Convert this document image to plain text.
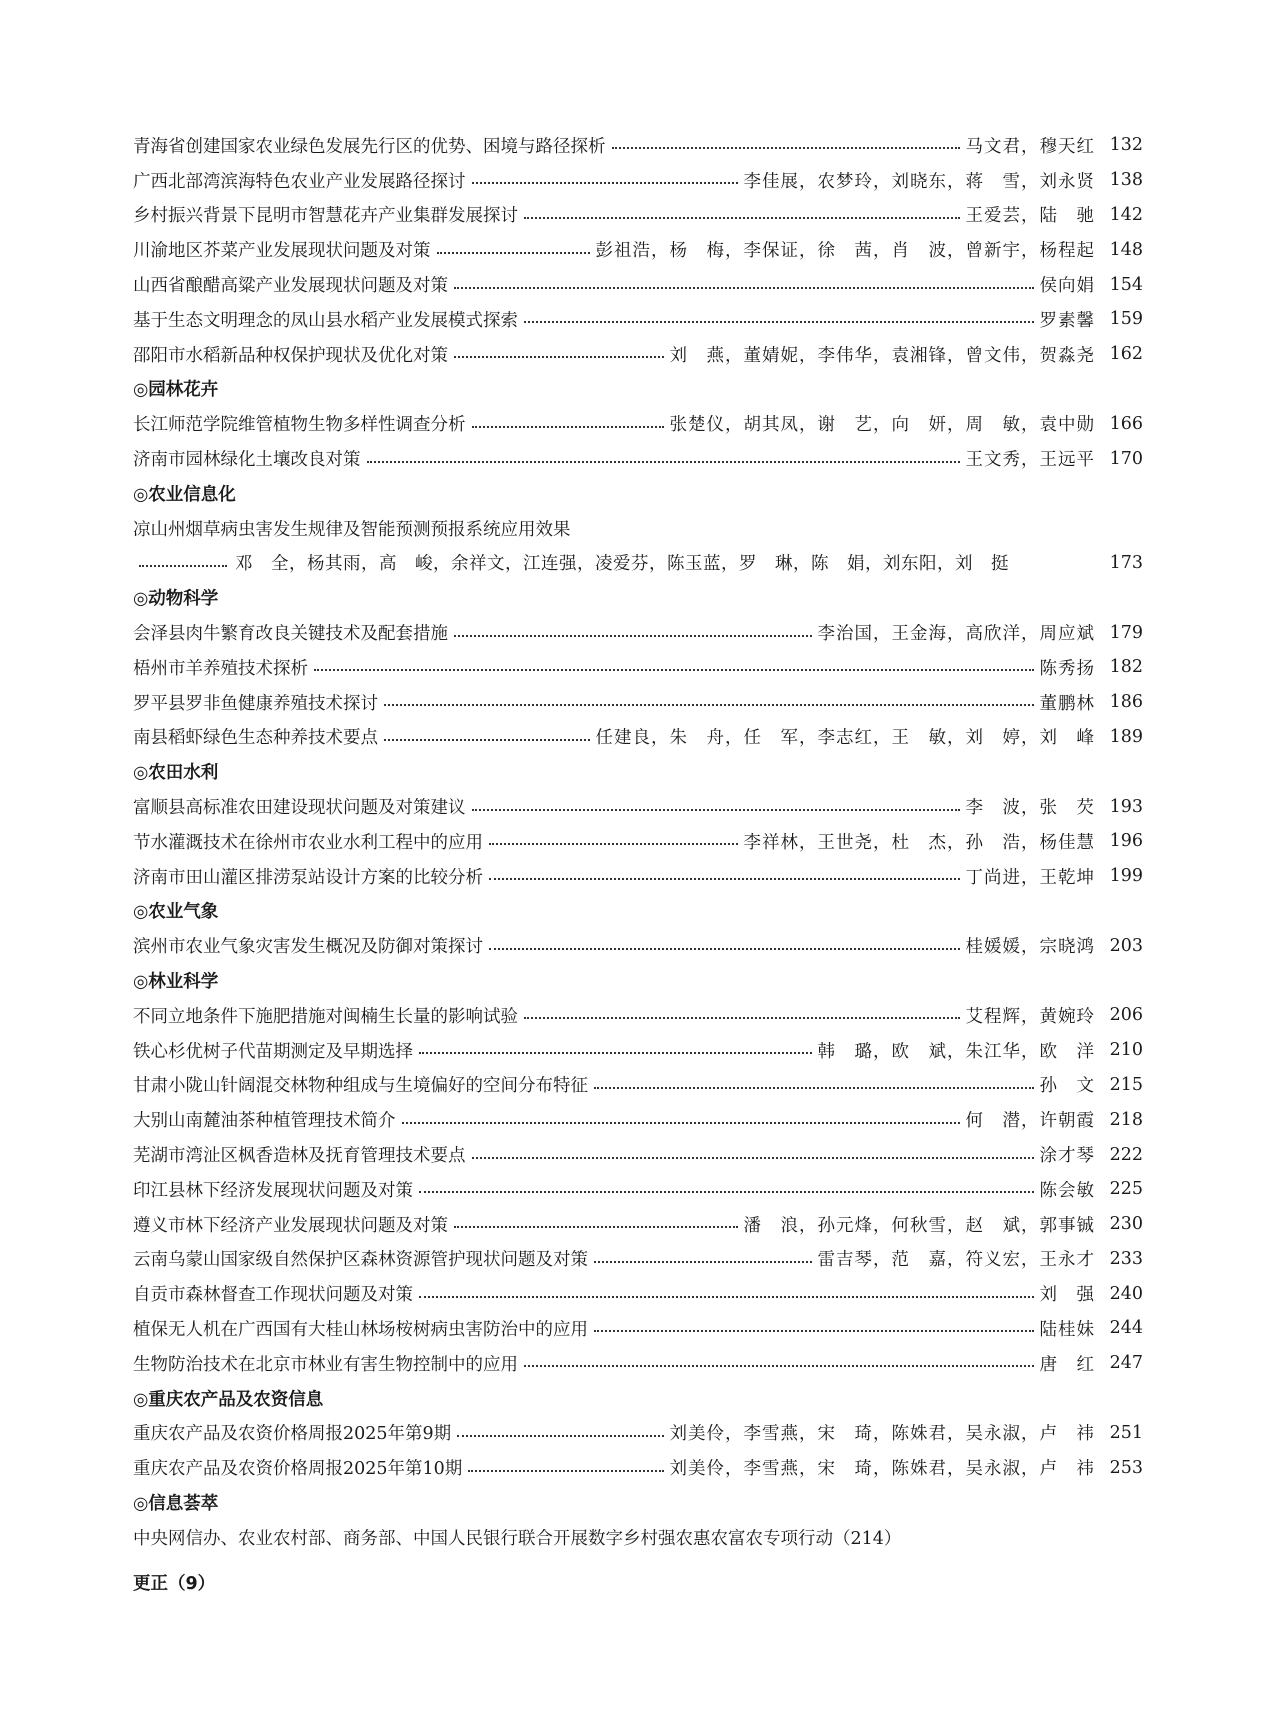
青海省创建国家农业绿色发展先行区的优势、困境与路径探析	马文君，穆天红 132
广西北部湾滨海特色农业产业发展路径探讨	李佳展，农梦玲，刘晓东，蒋　雪，刘永贤 138
乡村振兴背景下昆明市智慧花卉产业集群发展探讨	王爱芸，陆　驰 142
川渝地区芥菜产业发展现状问题及对策	彭祖浩，杨　梅，李保证，徐　茜，肖　波，曾新宇，杨程起 148
山西省酿醋高粱产业发展现状问题及对策	侯向娟 154
基于生态文明理念的凤山县水稻产业发展模式探索	罗素馨 159
邵阳市水稻新品种权保护现状及优化对策	刘　燕，董婧妮，李伟华，袁湘锋，曾文伟，贺淼尧 162
◎园林花卉
长江师范学院维管植物生物多样性调查分析	张楚仪，胡其凤，谢　艺，向　妍，周　敏，袁中勋 166
济南市园林绿化土壤改良对策	王文秀，王远平 170
◎农业信息化
凉山州烟草病虫害发生规律及智能预测预报系统应用效果
邓　全，杨其雨，高　峻，余祥文，江连强，凌爱芬，陈玉蓝，罗　琳，陈　娟，刘东阳，刘　挺	173
◎动物科学
会泽县肉牛繁育改良关键技术及配套措施	李治国，王金海，高欣洋，周应斌 179
梧州市羊养殖技术探析	陈秀扬 182
罗平县罗非鱼健康养殖技术探讨	董鹏林 186
南县稻虾绿色生态种养技术要点	任建良，朱　舟，任　军，李志红，王　敏，刘　婷，刘　峰 189
◎农田水利
富顺县高标准农田建设现状问题及对策建议	李　波，张　芡 193
节水灌溉技术在徐州市农业水利工程中的应用	李祥林，王世尧，杜　杰，孙　浩，杨佳慧 196
济南市田山灌区排涝泵站设计方案的比较分析	丁尚进，王乾坤 199
◎农业气象
滨州市农业气象灾害发生概况及防御对策探讨	桂媛媛，宗晓鸿 203
◎林业科学
不同立地条件下施肥措施对闽楠生长量的影响试验	艾程辉，黄婉玲 206
铁心杉优树子代苗期测定及早期选择	韩　璐，欧　斌，朱江华，欧　洋 210
甘肃小陇山针阔混交林物种组成与生境偏好的空间分布特征	孙　文 215
大别山南麓油茶种植管理技术简介	何　潜，许朝霞 218
芜湖市湾沚区枫香造林及抚育管理技术要点	涂才琴 222
印江县林下经济发展现状问题及对策	陈会敏 225
遵义市林下经济产业发展现状问题及对策	潘　浪，孙元烽，何秋雪，赵　斌，郭事铖 230
云南乌蒙山国家级自然保护区森林资源管护现状问题及对策	雷吉琴，范　嘉，符义宏，王永才 233
自贡市森林督查工作现状问题及对策	刘　强 240
植保无人机在广西国有大桂山林场桉树病虫害防治中的应用	陆桂妹 244
生物防治技术在北京市林业有害生物控制中的应用	唐　红 247
◎重庆农产品及农资信息
重庆农产品及农资价格周报2025年第9期	刘美伶，李雪燕，宋　琦，陈姝君，吴永淑，卢　祎 251
重庆农产品及农资价格周报2025年第10期	刘美伶，李雪燕，宋　琦，陈姝君，吴永淑，卢　祎 253
◎信息荟萃
中央网信办、农业农村部、商务部、中国人民银行联合开展数字乡村强农惠农富农专项行动（214）
更正（9）
